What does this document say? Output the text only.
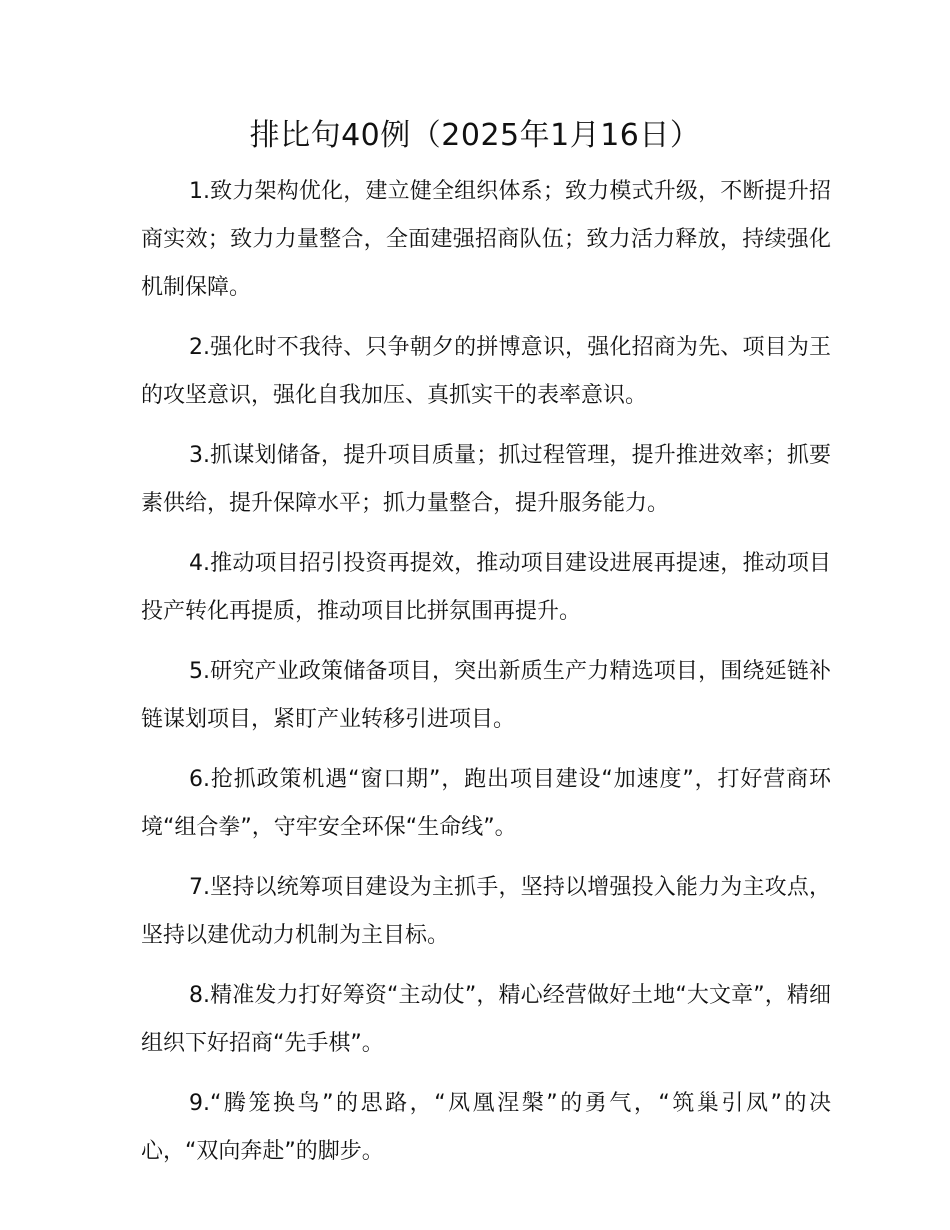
排比句40例（2025年1月16日）

1.致力架构优化，建立健全组织体系；致力模式升级，不断提升招商实效；致力力量整合，全面建强招商队伍；致力活力释放，持续强化机制保障。

2.强化时不我待、只争朝夕的拼博意识，强化招商为先、项目为王的攻坚意识，强化自我加压、真抓实干的表率意识。

3.抓谋划储备，提升项目质量；抓过程管理，提升推进效率；抓要素供给，提升保障水平；抓力量整合，提升服务能力。

4.推动项目招引投资再提效，推动项目建设进展再提速，推动项目投产转化再提质，推动项目比拼氛围再提升。

5.研究产业政策储备项目，突出新质生产力精选项目，围绕延链补链谋划项目，紧盯产业转移引进项目。

6.抢抓政策机遇“窗口期”，跑出项目建设“加速度”，打好营商环境“组合拳”，守牢安全环保“生命线”。

7.坚持以统筹项目建设为主抓手，坚持以增强投入能力为主攻点，坚持以建优动力机制为主目标。

8.精准发力打好筹资“主动仗”，精心经营做好土地“大文章”，精细组织下好招商“先手棋”。

9.“腾笼换鸟”的思路，“凤凰涅槃”的勇气，“筑巢引凤”的决心，“双向奔赴”的脚步。
